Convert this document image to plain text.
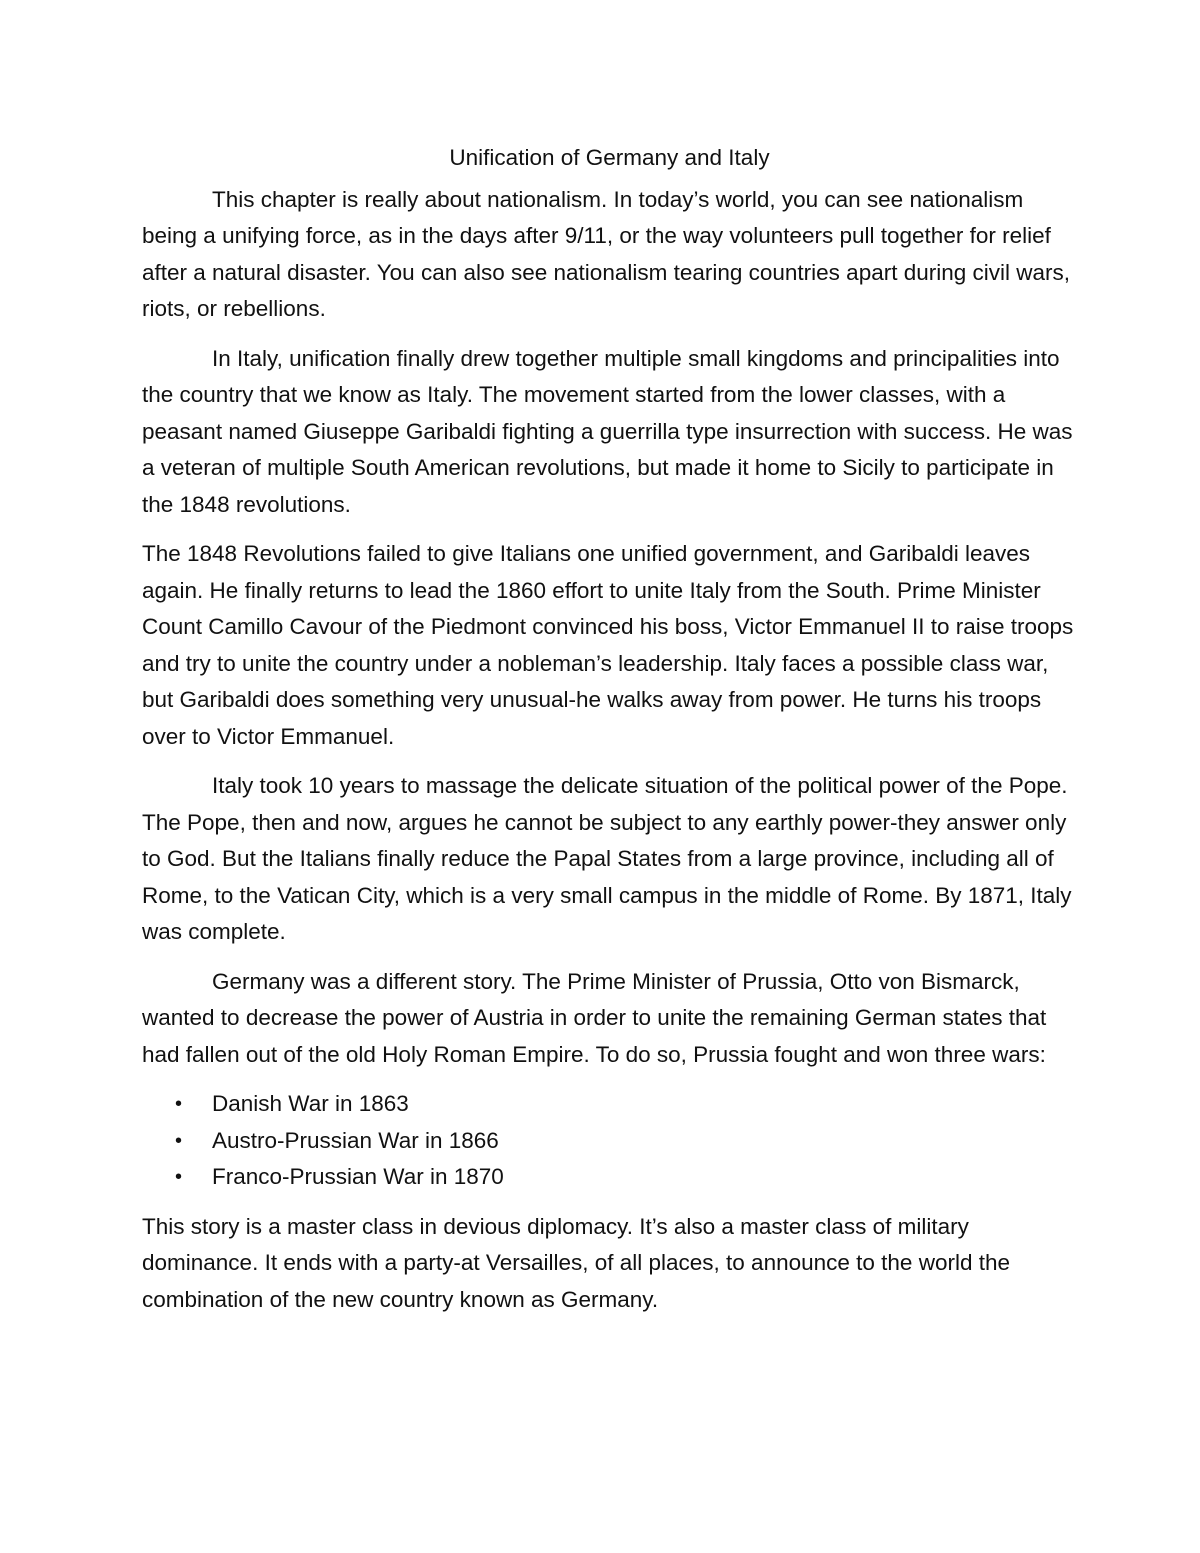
Unification of Germany and Italy

This chapter is really about nationalism. In today’s world, you can see nationalism being a unifying force, as in the days after 9/11, or the way volunteers pull together for relief after a natural disaster. You can also see nationalism tearing countries apart during civil wars, riots, or rebellions.

In Italy, unification finally drew together multiple small kingdoms and principalities into the country that we know as Italy. The movement started from the lower classes, with a peasant named Giuseppe Garibaldi fighting a guerrilla type insurrection with success. He was a veteran of multiple South American revolutions, but made it home to Sicily to participate in the 1848 revolutions.

The 1848 Revolutions failed to give Italians one unified government, and Garibaldi leaves again. He finally returns to lead the 1860 effort to unite Italy from the South. Prime Minister Count Camillo Cavour of the Piedmont convinced his boss, Victor Emmanuel II to raise troops and try to unite the country under a nobleman’s leadership. Italy faces a possible class war, but Garibaldi does something very unusual-he walks away from power. He turns his troops over to Victor Emmanuel.

Italy took 10 years to massage the delicate situation of the political power of the Pope. The Pope, then and now, argues he cannot be subject to any earthly power-they answer only to God. But the Italians finally reduce the Papal States from a large province, including all of Rome, to the Vatican City, which is a very small campus in the middle of Rome. By 1871, Italy was complete.

Germany was a different story. The Prime Minister of Prussia, Otto von Bismarck, wanted to decrease the power of Austria in order to unite the remaining German states that had fallen out of the old Holy Roman Empire. To do so, Prussia fought and won three wars:

• Danish War in 1863
• Austro-Prussian War in 1866
• Franco-Prussian War in 1870

This story is a master class in devious diplomacy. It’s also a master class of military dominance. It ends with a party-at Versailles, of all places, to announce to the world the combination of the new country known as Germany.
